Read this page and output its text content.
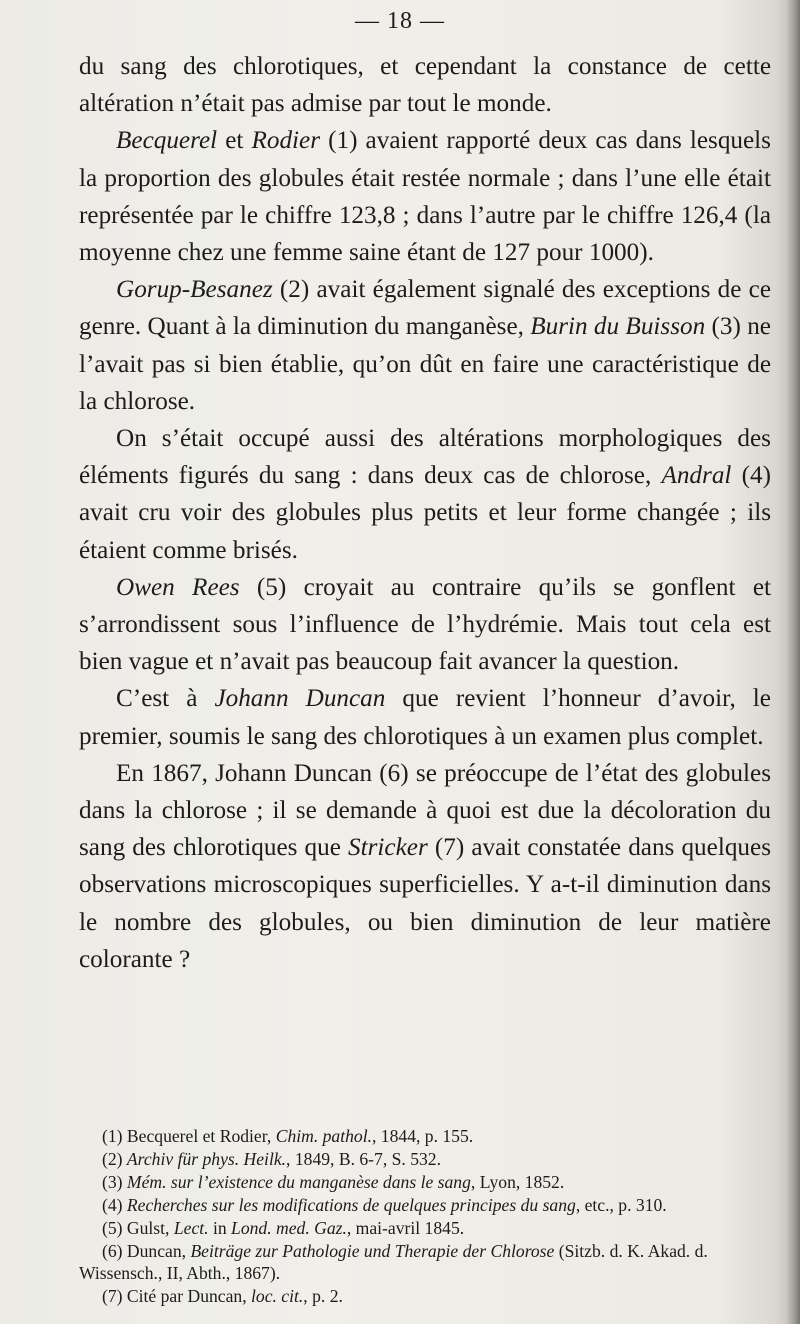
— 18 —

du sang des chlorotiques, et cependant la constance de cette altération n’était pas admise par tout le monde.

Becquerel et Rodier (1) avaient rapporté deux cas dans lesquels la proportion des globules était restée normale ; dans l’une elle était représentée par le chiffre 123,8 ; dans l’autre par le chiffre 126,4 (la moyenne chez une femme saine étant de 127 pour 1000).

Gorup-Besanez (2) avait également signalé des exceptions de ce genre. Quant à la diminution du manganèse, Burin du Buisson (3) ne l’avait pas si bien établie, qu’on dût en faire une caractéristique de la chlorose.

On s’était occupé aussi des altérations morphologiques des éléments figurés du sang : dans deux cas de chlorose, Andral (4) avait cru voir des globules plus petits et leur forme changée ; ils étaient comme brisés.

Owen Rees (5) croyait au contraire qu’ils se gonflent et s’arrondissent sous l’influence de l’hydrémie. Mais tout cela est bien vague et n’avait pas beaucoup fait avancer la question.

C’est à Johann Duncan que revient l’honneur d’avoir, le premier, soumis le sang des chlorotiques à un examen plus complet.

En 1867, Johann Duncan (6) se préoccupe de l’état des globules dans la chlorose ; il se demande à quoi est due la décoloration du sang des chlorotiques que Stricker (7) avait constatée dans quelques observations microscopiques superficielles. Y a-t-il diminution dans le nombre des globules, ou bien diminution de leur matière colorante ?

(1) Becquerel et Rodier, Chim. pathol., 1844, p. 155.

(2) Archiv für phys. Heilk., 1849, B. 6-7, S. 532.

(3) Mém. sur l’existence du manganèse dans le sang, Lyon, 1852.

(4) Recherches sur les modifications de quelques principes du sang, etc., p. 310.

(5) Gulst, Lect. in Lond. med. Gaz., mai-avril 1845.

(6) Duncan, Beiträge zur Pathologie und Therapie der Chlorose (Sitzb. d. K. Akad. d. Wissensch., II, Abth., 1867).

(7) Cité par Duncan, loc. cit., p. 2.
